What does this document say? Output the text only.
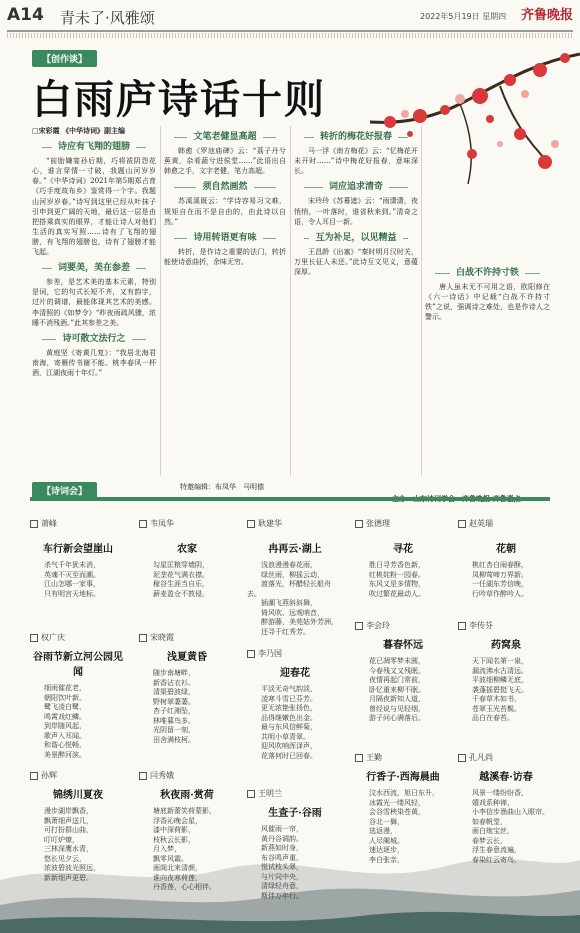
A14 青未了·风雅颂	2022年5月19日 星期四 齐鲁晚报
【创作谈】
白雨庐诗话十则

□宋彩霞 《中华诗词》副主编

诗应有飞翔的翅膀

“前胎嫌宴孙后期，巧将祓阴怨花心，谁言穿情一寸破，我题山河岁岁春。”《中华诗词》2021年第5期郑占育《巧手度故布乡》鉴赏得一个字。我题山河岁岁春。”诗写到这里已经从叶抹子引申到更广阔的天地，最后这一层是由把搭乘真实的眼界，才能让诗人对他们生活的真实写照……诗有了飞翔的翅膀，有飞翔的翅膀也，诗有了翅膀才能飞起。

词要美，美在参差

参差，是艺术美的基本元素，特别是词，它的句式长短不齐，又有韵字，过片的调谱，最能体现其艺术的美感。李清照的《如梦令》“昨夜雨疏风骤，浓睡不消残酒。”此其参差之美。

诗可散文法行之

黄庭坚《寄黄几复》：“我居北海君南海，寄雁传书谢不能。桃李春风一杯酒，江湖夜雨十年灯。”

文笔老健显高超

韩愈《罗池庙碑》云：“荔子丹兮蕉黄，杂肴蔬兮进侯堂……”此语出自韩愈之手，文字老健，笔力高超。

须自然画然

苏溪溪既云：“学诗容易习文难，规矩自在而不是自由的，由此诗以自然。”

诗用转语更有味

转折，是作诗之重要的法门，转折能使诗意曲折，余味无穷。

转折的梅花好报春

马一浮《南方梅花》云：“忆梅花开未开时……”诗中梅花好报春，意味深长。

词应追求清奇

宋玲玲《苏幕遮》云：“雨潇潇，夜悄悄，一叶落时，谁省秋来到。”清奇之语，令人耳目一新。

互为补足，以见精益

王昌龄《出塞》“秦时明月汉时关，万里长征人未还。”此诗互文见义，意蕴深厚。	白战不许持寸铁

唐人虽未无不可用之语，欧阳修在《六一诗话》中记载“白战不许持寸铁”之说，强调诗之难处，也是作诗人之警示。

【诗词会】	特邀编辑：布凤华　马明德
萧峰
车行新会望崖山
杀气千年犹未消，
英魂不灭至而潮。
江山怎哪一家事，
只有明宫天地标。
韦凤华
农家
勾星匡粮穿墙阴，
泥垄花气满衣襟。
稼谷生涯当自乐，
薪麦盈仓不敦侵。
耿建华
冉再云·湖上
浅浪漫漫春花雨，
绿丝雨，柳摇云动，
渡落光，杯醋轻长船舟去。
插潮飞燕斜斜舞，
倚风吹、远观哨音，
醉游藤，美苑姑外芳洲，
还寻千红秀芳。
张德理
寻花
胜日寻芳香色新，
红桃姹粉一园春。
东风又是多情物，
吹过繁花最动人。
赵英瑞
花朝
桃红杏白闹春酥，
凤柳莺啼万界新。
一任湖东芳信晚，
行吟草作醉吟人。
权广庆
谷雨节新立河公园见闻
细雨催花老，
朝阳饮叶新。
鹭飞凌白鹭，
鸣霄戏红鳞。
到岸随风起，
歌声入耳闻。
和谐心悦畅，
美景醉河滨。
宋晓霞
浅夏黄昏
随步南塘畔，
新香沾衣衫。
清渠碧波绿，
野树翠萋萋。
杏子红湘坠，
林唯暮鸟多。
光阴留一刻，
田舍满枝柯。
李乃国
迎春花
平淡无奇气韵淡，
凌寒斗雪已芬芳。
更无浓艳张扬色，
品得继嫩色出金。
最与东风信鲜菊，
共明小草青翠。
迎风吹响浑泽声，
花落何时已回春。
李会玲
暮春怀远
花已凋零梦未圆，
今春残又又残眠。
夜情再起门常前，
卧忆重来柳不眠。
月隔夜新知人道，
曾经说与见轻烟，
游子问心满落后。
李传芬
药窝泉
天下闻名第一泉，
漏流沸水古清远。
平波细柳鳞无底，
袭蓬摇碧挺飞天。
千春草木如书，
苍翠玉光苔鬓。
品白在春苔。
孙辉
锦绣川夏夜
漫步湖岸飘香，
飘萧细声送几，
可打扮群山曲，
叮叮炉燎，
三林深鹰水青，
悠长见夕云，
浓波碧波光照远，
新新细声更碧。
闫秀娥
秋夜雨·赏荷
塘底新蕾笑荷蒙影，
浮香沁晚会星，
漆中深荷影，
枝秋云长影，
月入梦，
飘零风霜。
画阁北来清颜，
谁向夜寒荷莲，
丹香莲，心心相伴。
王明兰
生查子·谷雨
风催雨一帘，
黄丹谷调韵。
新燕如时身，
布谷鸣声重。
悦试枝头翠，
与片同中央，
清绿轻舟意，
斯伴万年行。
王勤
行香子·西海晨曲
汶水西流，旭日东升，
冰霞光一缕风轻，
会谷雪秧染苍黄，
谷北一舞，
选返漫，
人尽阑城。
速达逐步，
李白张亲，
孔凡尚
越溪春·访春
风景一缕纷纷香，
嬉戏系种禅，
小李信步渔曲山入眼帘。
如春帆堂，
画白炮宝丝，
春梦云长，
浮生春意流遍，
春染红云寄鸟，
